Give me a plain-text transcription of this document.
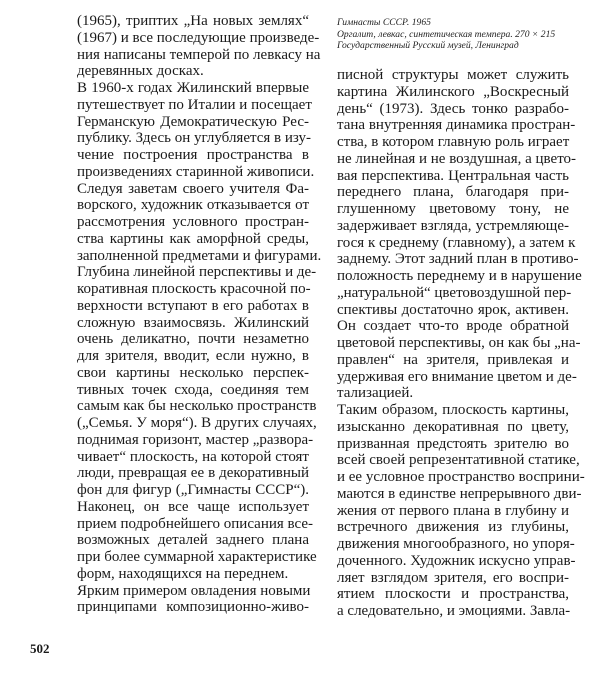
Гимнасты СССР. 1965
Оргалит, левкас, синтетическая темпера. 270 × 215
Государственный Русский музей, Ленинград
(1965), триптих „На новых землях“
(1967) и все последующие произведе-
ния написаны темперой по левкасу на
деревянных досках.
В 1960-х годах Жилинский впервые
путешествует по Италии и посещает
Германскую Демократическую Рес-
публику. Здесь он углубляется в изу-
чение построения пространства в
произведениях старинной живописи.
Следуя заветам своего учителя Фа-
ворского, художник отказывается от
рассмотрения условного простран-
ства картины как аморфной среды,
заполненной предметами и фигурами.
Глубина линейной перспективы и де-
коративная плоскость красочной по-
верхности вступают в его работах в
сложную взаимосвязь. Жилинский
очень деликатно, почти незаметно
для зрителя, вводит, если нужно, в
свои картины несколько перспек-
тивных точек схода, соединяя тем
самым как бы несколько пространств
(„Семья. У моря“). В других случаях,
поднимая горизонт, мастер „развора-
чивает“ плоскость, на которой стоят
люди, превращая ее в декоративный
фон для фигур („Гимнасты СССР“).
Наконец, он все чаще использует
прием подробнейшего описания все-
возможных деталей заднего плана
при более суммарной характеристике
форм, находящихся на переднем.
Ярким примером овладения новыми
принципами композиционно-живо-
писной структуры может служить
картина Жилинского „Воскресный
день“ (1973). Здесь тонко разрабо-
тана внутренняя динамика простран-
ства, в котором главную роль играет
не линейная и не воздушная, а цвето-
вая перспектива. Центральная часть
переднего плана, благодаря при-
глушенному цветовому тону, не
задерживает взгляда, устремляюще-
гося к среднему (главному), а затем к
заднему. Этот задний план в противо-
положность переднему и в нарушение
„натуральной“ цветовоздушной пер-
спективы достаточно ярок, активен.
Он создает что-то вроде обратной
цветовой перспективы, он как бы „на-
правлен“ на зрителя, привлекая и
удерживая его внимание цветом и де-
тализацией.
Таким образом, плоскость картины,
изысканно декоративная по цвету,
призванная предстоять зрителю во
всей своей репрезентативной статике,
и ее условное пространство восприни-
маются в единстве непрерывного дви-
жения от первого плана в глубину и
встречного движения из глубины,
движения многообразного, но упоря-
доченного. Художник искусно управ-
ляет взглядом зрителя, его воспри-
ятием плоскости и пространства,
а следовательно, и эмоциями. Завла-
502
